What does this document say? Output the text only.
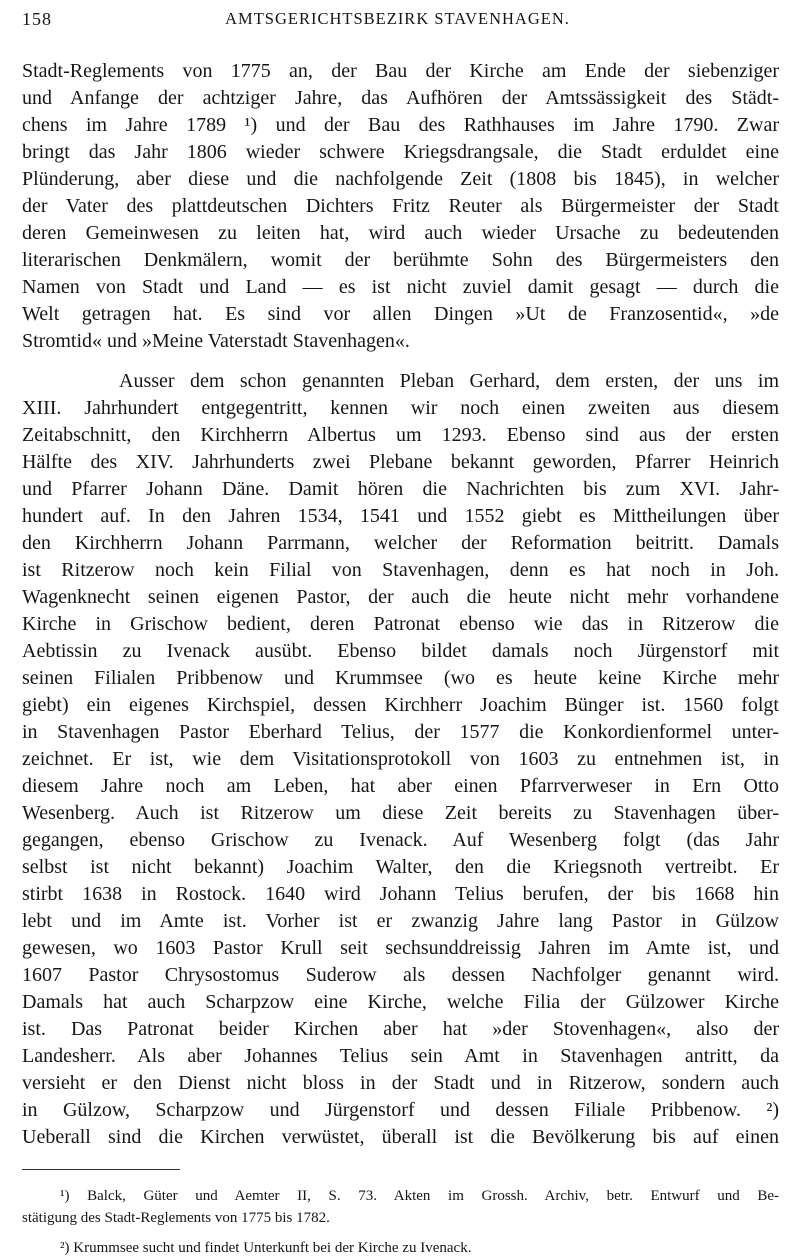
158	AMTSGERICHTSBEZIRK STAVENHAGEN.
Stadt-Reglements von 1775 an, der Bau der Kirche am Ende der siebenziger
und Anfange der achtziger Jahre, das Aufhören der Amtssässigkeit des Städt-
chens im Jahre 1789 ¹) und der Bau des Rathhauses im Jahre 1790. Zwar
bringt das Jahr 1806 wieder schwere Kriegsdrangsale, die Stadt erduldet eine
Plünderung, aber diese und die nachfolgende Zeit (1808 bis 1845), in welcher
der Vater des plattdeutschen Dichters Fritz Reuter als Bürgermeister der Stadt
deren Gemeinwesen zu leiten hat, wird auch wieder Ursache zu bedeutenden
literarischen Denkmälern, womit der berühmte Sohn des Bürgermeisters den
Namen von Stadt und Land — es ist nicht zuviel damit gesagt — durch die
Welt getragen hat. Es sind vor allen Dingen »Ut de Franzosentid«, »de
Stromtid« und »Meine Vaterstadt Stavenhagen«.
Ausser dem schon genannten Pleban Gerhard, dem ersten, der uns im
XIII. Jahrhundert entgegentritt, kennen wir noch einen zweiten aus diesem
Zeitabschnitt, den Kirchherrn Albertus um 1293. Ebenso sind aus der ersten
Hälfte des XIV. Jahrhunderts zwei Plebane bekannt geworden, Pfarrer Heinrich
und Pfarrer Johann Däne. Damit hören die Nachrichten bis zum XVI. Jahr-
hundert auf. In den Jahren 1534, 1541 und 1552 giebt es Mittheilungen über
den Kirchherrn Johann Parrmann, welcher der Reformation beitritt. Damals
ist Ritzerow noch kein Filial von Stavenhagen, denn es hat noch in Joh.
Wagenknecht seinen eigenen Pastor, der auch die heute nicht mehr vorhandene
Kirche in Grischow bedient, deren Patronat ebenso wie das in Ritzerow die
Aebtissin zu Ivenack ausübt. Ebenso bildet damals noch Jürgenstorf mit
seinen Filialen Pribbenow und Krummsee (wo es heute keine Kirche mehr
giebt) ein eigenes Kirchspiel, dessen Kirchherr Joachim Bünger ist. 1560 folgt
in Stavenhagen Pastor Eberhard Telius, der 1577 die Konkordienformel unter-
zeichnet. Er ist, wie dem Visitationsprotokoll von 1603 zu entnehmen ist, in
diesem Jahre noch am Leben, hat aber einen Pfarrverweser in Ern Otto
Wesenberg. Auch ist Ritzerow um diese Zeit bereits zu Stavenhagen über-
gegangen, ebenso Grischow zu Ivenack. Auf Wesenberg folgt (das Jahr
selbst ist nicht bekannt) Joachim Walter, den die Kriegsnoth vertreibt. Er
stirbt 1638 in Rostock. 1640 wird Johann Telius berufen, der bis 1668 hin
lebt und im Amte ist. Vorher ist er zwanzig Jahre lang Pastor in Gülzow
gewesen, wo 1603 Pastor Krull seit sechsunddreissig Jahren im Amte ist, und
1607 Pastor Chrysostomus Suderow als dessen Nachfolger genannt wird.
Damals hat auch Scharpzow eine Kirche, welche Filia der Gülzower Kirche
ist. Das Patronat beider Kirchen aber hat »der Stovenhagen«, also der
Landesherr. Als aber Johannes Telius sein Amt in Stavenhagen antritt, da
versieht er den Dienst nicht bloss in der Stadt und in Ritzerow, sondern auch
in Gülzow, Scharpzow und Jürgenstorf und dessen Filiale Pribbenow. ²)
Ueberall sind die Kirchen verwüstet, überall ist die Bevölkerung bis auf einen
¹) Balck, Güter und Aemter II, S. 73. Akten im Grossh. Archiv, betr. Entwurf und Be-
stätigung des Stadt-Reglements von 1775 bis 1782.
²) Krummsee sucht und findet Unterkunft bei der Kirche zu Ivenack.
